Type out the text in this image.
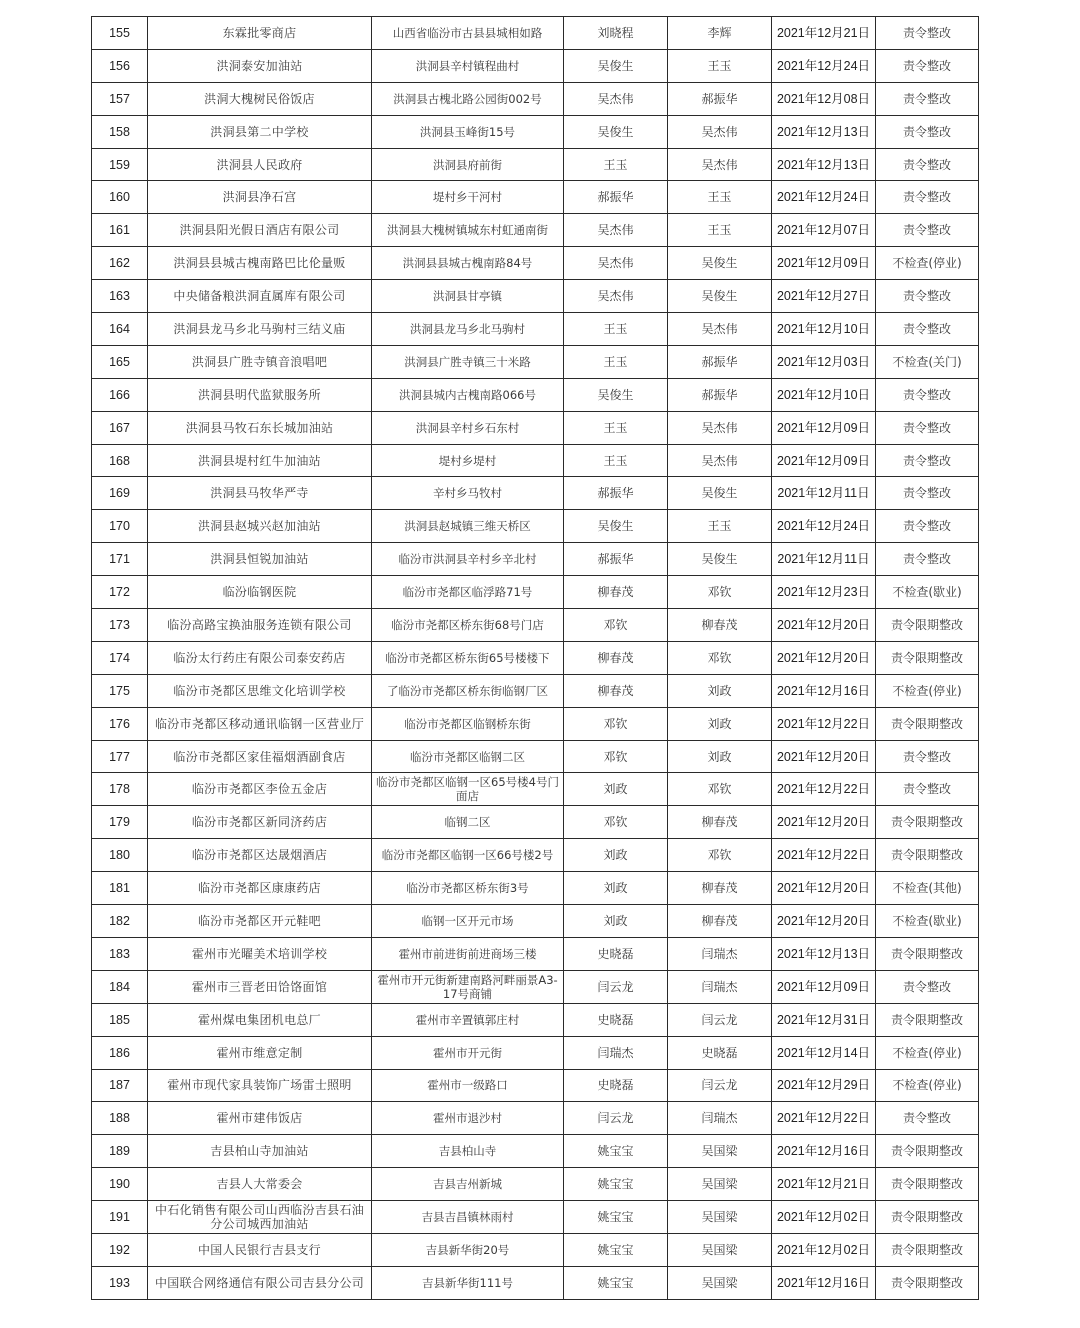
155	东霖批零商店	山西省临汾市古县县城相如路	刘晓程	李辉	2021年12月21日	责令整改
156	洪洞泰安加油站	洪洞县辛村镇程曲村	吴俊生	王玉	2021年12月24日	责令整改
157	洪洞大槐树民俗饭店	洪洞县古槐北路公园街002号	吴杰伟	郝振华	2021年12月08日	责令整改
158	洪洞县第二中学校	洪洞县玉峰街15号	吴俊生	吴杰伟	2021年12月13日	责令整改
159	洪洞县人民政府	洪洞县府前街	王玉	吴杰伟	2021年12月13日	责令整改
160	洪洞县净石宫	堤村乡干河村	郝振华	王玉	2021年12月24日	责令整改
161	洪洞县阳光假日酒店有限公司	洪洞县大槐树镇城东村虹通南街	吴杰伟	王玉	2021年12月07日	责令整改
162	洪洞县县城古槐南路巴比伦量贩	洪洞县县城古槐南路84号	吴杰伟	吴俊生	2021年12月09日	不检查(停业)
163	中央储备粮洪洞直属库有限公司	洪洞县甘亭镇	吴杰伟	吴俊生	2021年12月27日	责令整改
164	洪洞县龙马乡北马驹村三结义庙	洪洞县龙马乡北马驹村	王玉	吴杰伟	2021年12月10日	责令整改
165	洪洞县广胜寺镇音浪唱吧	洪洞县广胜寺镇三十米路	王玉	郝振华	2021年12月03日	不检查(关门)
166	洪洞县明代监狱服务所	洪洞县城内古槐南路066号	吴俊生	郝振华	2021年12月10日	责令整改
167	洪洞县马牧石东长城加油站	洪洞县辛村乡石东村	王玉	吴杰伟	2021年12月09日	责令整改
168	洪洞县堤村红牛加油站	堤村乡堤村	王玉	吴杰伟	2021年12月09日	责令整改
169	洪洞县马牧华严寺	辛村乡马牧村	郝振华	吴俊生	2021年12月11日	责令整改
170	洪洞县赵城兴赵加油站	洪洞县赵城镇三维天桥区	吴俊生	王玉	2021年12月24日	责令整改
171	洪洞县恒锐加油站	临汾市洪洞县辛村乡辛北村	郝振华	吴俊生	2021年12月11日	责令整改
172	临汾临钢医院	临汾市尧都区临浮路71号	柳春茂	邓钦	2021年12月23日	不检查(歇业)
173	临汾高路宝换油服务连锁有限公司	临汾市尧都区桥东街68号门店	邓钦	柳春茂	2021年12月20日	责令限期整改
174	临汾太行药庄有限公司泰安药店	临汾市尧都区桥东街65号楼楼下	柳春茂	邓钦	2021年12月20日	责令限期整改
175	临汾市尧都区思维文化培训学校	了临汾市尧都区桥东街临钢厂区	柳春茂	刘政	2021年12月16日	不检查(停业)
176	临汾市尧都区移动通讯临钢一区营业厅	临汾市尧都区临钢桥东街	邓钦	刘政	2021年12月22日	责令限期整改
177	临汾市尧都区家佳福烟酒副食店	临汾市尧都区临钢二区	邓钦	刘政	2021年12月20日	责令整改
178	临汾市尧都区李俭五金店	临汾市尧都区临钢一区65号楼4号门面店	刘政	邓钦	2021年12月22日	责令整改
179	临汾市尧都区新同济药店	临钢二区	邓钦	柳春茂	2021年12月20日	责令限期整改
180	临汾市尧都区达晟烟酒店	临汾市尧都区临钢一区66号楼2号	刘政	邓钦	2021年12月22日	责令限期整改
181	临汾市尧都区康康药店	临汾市尧都区桥东街3号	刘政	柳春茂	2021年12月20日	不检查(其他)
182	临汾市尧都区开元鞋吧	临钢一区开元市场	刘政	柳春茂	2021年12月20日	不检查(歇业)
183	霍州市光曜美术培训学校	霍州市前进街前进商场三楼	史晓磊	闫瑞杰	2021年12月13日	责令限期整改
184	霍州市三晋老田饸饹面馆	霍州市开元街新建南路河畔丽景A3-17号商铺	闫云龙	闫瑞杰	2021年12月09日	责令整改
185	霍州煤电集团机电总厂	霍州市辛置镇郭庄村	史晓磊	闫云龙	2021年12月31日	责令限期整改
186	霍州市维意定制	霍州市开元街	闫瑞杰	史晓磊	2021年12月14日	不检查(停业)
187	霍州市现代家具装饰广场雷士照明	霍州市一级路口	史晓磊	闫云龙	2021年12月29日	不检查(停业)
188	霍州市建伟饭店	霍州市退沙村	闫云龙	闫瑞杰	2021年12月22日	责令整改
189	吉县柏山寺加油站	吉县柏山寺	姚宝宝	吴国梁	2021年12月16日	责令限期整改
190	吉县人大常委会	吉县吉州新城	姚宝宝	吴国梁	2021年12月21日	责令限期整改
191	中石化销售有限公司山西临汾吉县石油分公司城西加油站	吉县吉昌镇林雨村	姚宝宝	吴国梁	2021年12月02日	责令限期整改
192	中国人民银行吉县支行	吉县新华街20号	姚宝宝	吴国梁	2021年12月02日	责令限期整改
193	中国联合网络通信有限公司吉县分公司	吉县新华街111号	姚宝宝	吴国梁	2021年12月16日	责令限期整改
